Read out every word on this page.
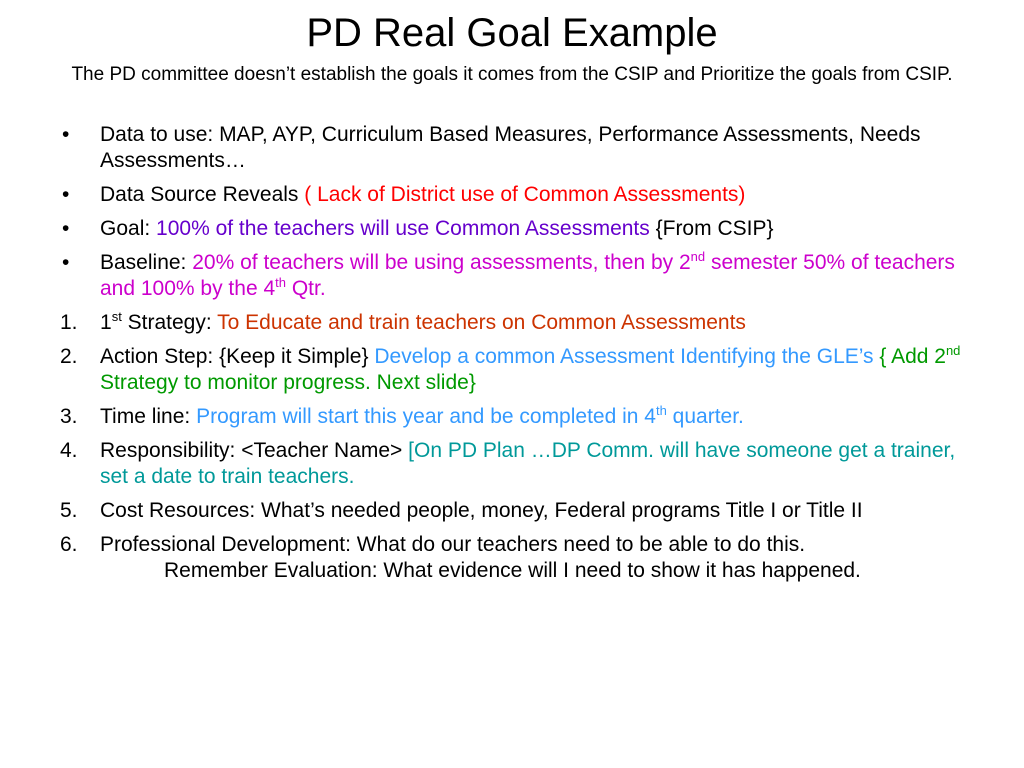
PD Real Goal Example
The PD committee doesn’t establish the goals it comes from the CSIP and Prioritize the goals from CSIP.
• Data to use: MAP, AYP, Curriculum Based Measures, Performance Assessments, Needs Assessments…
• Data Source Reveals ( Lack of District use of Common Assessments)
• Goal: 100% of the teachers will use Common Assessments {From CSIP}
• Baseline: 20% of teachers will be using assessments, then by 2nd semester 50% of teachers and 100% by the 4th Qtr.
1. 1st Strategy: To Educate and train teachers on Common Assessments
2. Action Step: {Keep it Simple} Develop a common Assessment Identifying the GLE’s { Add 2nd Strategy to monitor progress. Next slide}
3. Time line: Program will start this year and be completed in 4th quarter.
4. Responsibility: <Teacher Name> [On PD Plan …DP Comm. will have someone get a trainer, set a date to train teachers.
5. Cost Resources: What’s needed people, money, Federal programs Title I or Title II
6. Professional Development: What do our teachers need to be able to do this.
Remember Evaluation: What evidence will I need to show it has happened.
